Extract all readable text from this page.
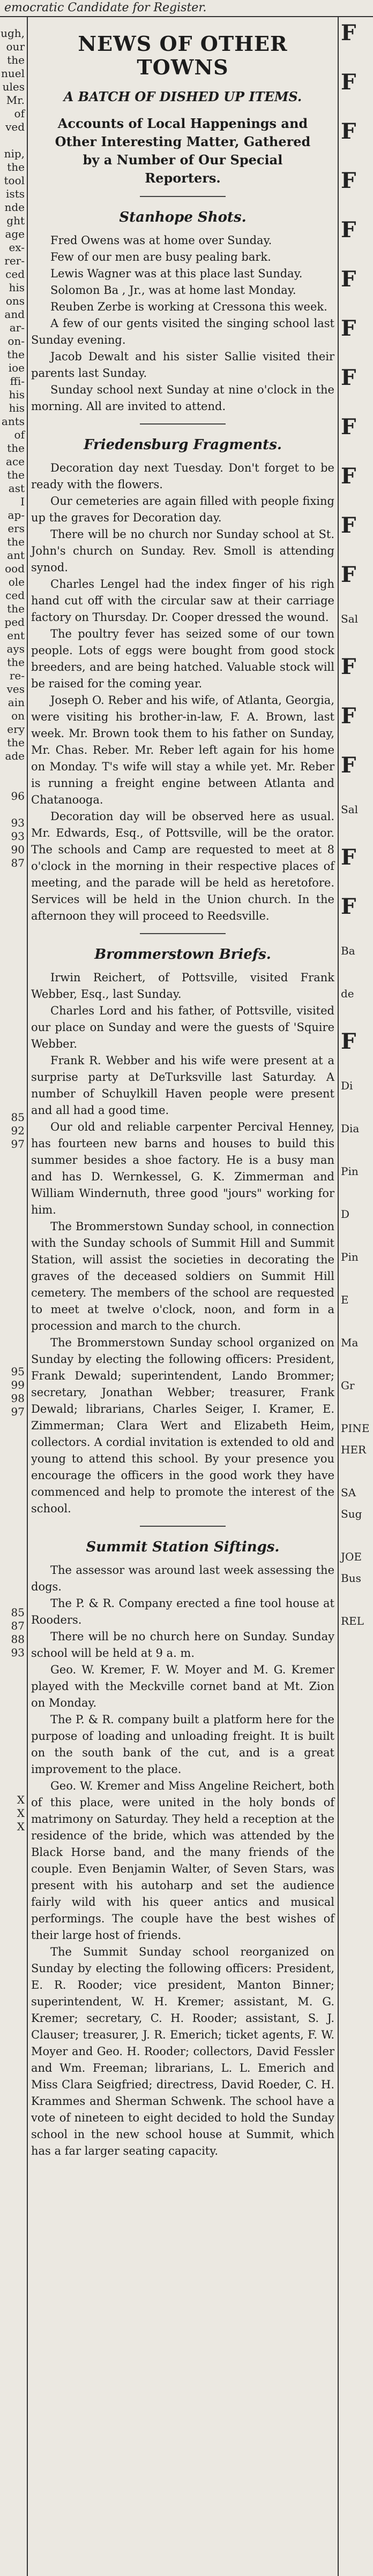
emocratic Candidate for Register.
ugh,
our
the
nuel
ules
Mr.
of
ved
nip,
the
tool
ists
nde
ght
age
ex-
rer-
ced
his
ons
and
ar-
on-
the
ioe
ffi-
his
his
ants
of
the
ace
the
ast
I
ap-
ers
the
ant
ood
ole
ced
the
ped
ent
ays
the
re-
ves
ain
on
ery
the
ade
96
93
93
90
87
85
92
97
95
99
98
97
85
87
88
93
X
X
X
NEWS OF OTHER TOWNS
A BATCH OF DISHED UP ITEMS.
Accounts of Local Happenings and Other Interesting Matter, Gathered by a Number of Our Special Reporters.
Stanhope Shots.

Fred Owens was at home over Sunday.

Few of our men are busy pealing bark.

Lewis Wagner was at this place last Sunday.

Solomon Ba , Jr., was at home last Monday.

Reuben Zerbe is working at Cressona this week.

A few of our gents visited the singing school last Sunday evening.

Jacob Dewalt and his sister Sallie visited their parents last Sunday.

Sunday school next Sunday at nine o'clock in the morning. All are invited to attend.

Friedensburg Fragments.

Decoration day next Tuesday. Don't forget to be ready with the flowers.

Our cemeteries are again filled with people fixing up the graves for Decoration day.

There will be no church nor Sunday school at St. John's church on Sunday. Rev. Smoll is attending synod.

Charles Lengel had the index finger of his righ hand cut off with the circular saw at their carriage factory on Thursday. Dr. Cooper dressed the wound.

The poultry fever has seized some of our town people. Lots of eggs were bought from good stock breeders, and are being hatched. Valuable stock will be raised for the coming year.

Joseph O. Reber and his wife, of Atlanta, Georgia, were visiting his brother-in-law, F. A. Brown, last week. Mr. Brown took them to his father on Sunday, Mr. Chas. Reber. Mr. Reber left again for his home on Monday. T's wife will stay a while yet. Mr. Reber is running a freight engine between Atlanta and Chatanooga.

Decoration day will be observed here as usual. Mr. Edwards, Esq., of Pottsville, will be the orator. The schools and Camp are requested to meet at 8 o'clock in the morning in their respective places of meeting, and the parade will be held as heretofore. Services will be held in the Union church. In the afternoon they will proceed to Reedsville.

Brommerstown Briefs.

Irwin Reichert, of Pottsville, visited Frank Webber, Esq., last Sunday.

Charles Lord and his father, of Pottsville, visited our place on Sunday and were the guests of 'Squire Webber.

Frank R. Webber and his wife were present at a surprise party at DeTurksville last Saturday. A number of Schuylkill Haven people were present and all had a good time.

Our old and reliable carpenter Percival Henney, has fourteen new barns and houses to build this summer besides a shoe factory. He is a busy man and has D. Wernkessel, G. K. Zimmerman and William Windernuth, three good "jours" working for him.

The Brommerstown Sunday school, in connection with the Sunday schools of Summit Hill and Summit Station, will assist the societies in decorating the graves of the deceased soldiers on Summit Hill cemetery. The members of the school are requested to meet at twelve o'clock, noon, and form in a procession and march to the church.

The Brommerstown Sunday school organized on Sunday by electing the following officers: President, Frank Dewald; superintendent, Lando Brommer; secretary, Jonathan Webber; treasurer, Frank Dewald; librarians, Charles Seiger, I. Kramer, E. Zimmerman; Clara Wert and Elizabeth Heim, collectors. A cordial invitation is extended to old and young to attend this school. By your presence you encourage the officers in the good work they have commenced and help to promote the interest of the school.

Summit Station Siftings.

The assessor was around last week assessing the dogs.

The P. & R. Company erected a fine tool house at Rooders.

There will be no church here on Sunday. Sunday school will be held at 9 a. m.

Geo. W. Kremer, F. W. Moyer and M. G. Kremer played with the Meckville cornet band at Mt. Zion on Monday.

The P. & R. company built a platform here for the purpose of loading and unloading freight. It is built on the south bank of the cut, and is a great improvement to the place.

Geo. W. Kremer and Miss Angeline Reichert, both of this place, were united in the holy bonds of matrimony on Saturday. They held a reception at the residence of the bride, which was attended by the Black Horse band, and the many friends of the couple. Even Benjamin Walter, of Seven Stars, was present with his autoharp and set the audience fairly wild with his queer antics and musical performings. The couple have the best wishes of their large host of friends.

The Summit Sunday school reorganized on Sunday by electing the following officers: President, E. R. Rooder; vice president, Manton Binner; superintendent, W. H. Kremer; assistant, M. G. Kremer; secretary, C. H. Rooder; assistant, S. J. Clauser; treasurer, J. R. Emerich; ticket agents, F. W. Moyer and Geo. H. Rooder; collectors, David Fessler and Wm. Freeman; librarians, L. L. Emerich and Miss Clara Seigfried; directress, David Roeder, C. H. Krammes and Sherman Schwenk. The school have a vote of nineteen to eight decided to hold the Sunday school in the new school house at Summit, which has a far larger seating capacity.

F
F
F
F
F
F
F
F
F
F
F
F
Sal
F
F
F
Sal
F
F
Ba
de
F
Di
Dia
Pin
D
Pin
E
Ma
Gr
PINE
HER
SA
Sug
JOE
Bus
REL
